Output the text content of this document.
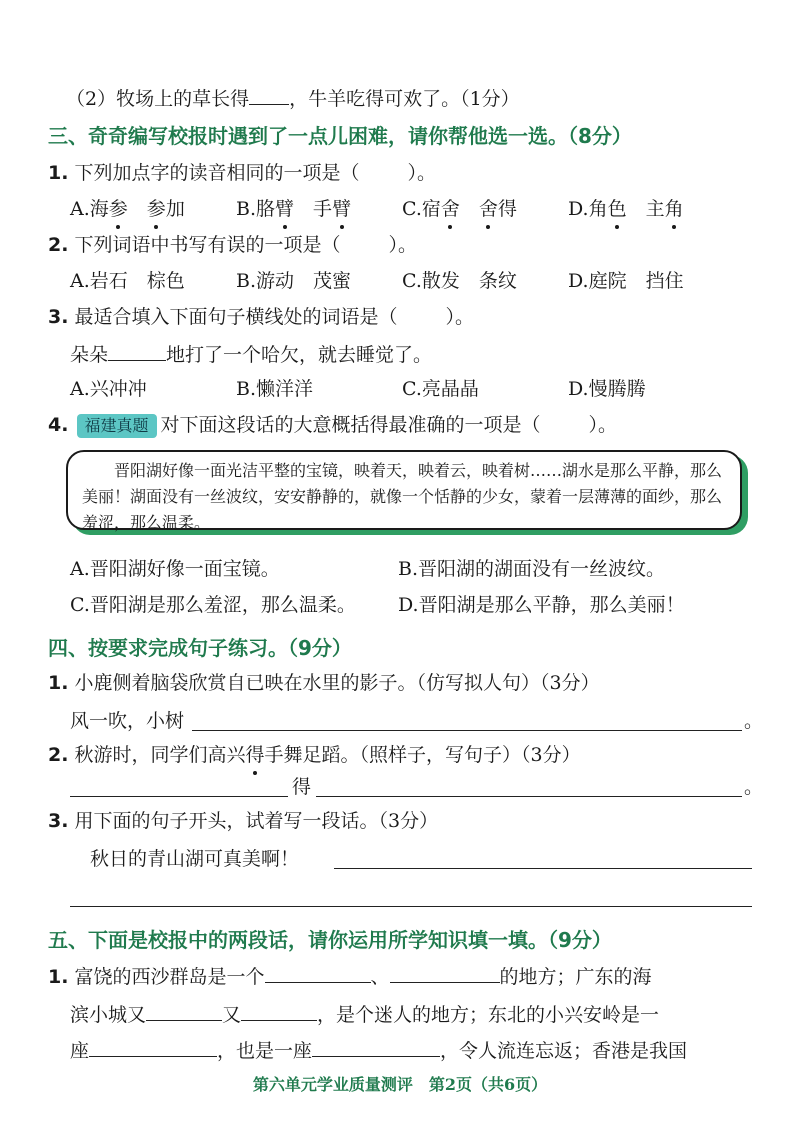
（2）牧场上的草长得 ，牛羊吃得可欢了。（1分）
三、奇奇编写校报时遇到了一点儿困难，请你帮他选一选。（8分）
1. 下列加点字的读音相同的一项是（	）。
A.海参　 参加	B.胳臂　 手臂	C.宿舍　 舍得	D.角色　 主角
2. 下列词语中书写有误的一项是（	）。
A.岩石　棕色	B.游动　茂蜜	C.散发　条纹	D.庭院　挡住
3. 最适合填入下面句子横线处的词语是（	）。
朵朵	地打了一个哈欠，就去睡觉了。
A.兴冲冲	B.懒洋洋	C.亮晶晶	D.慢腾腾
4. 福建真题 对下面这段话的大意概括得最准确的一项是（	）。
　　晋阳湖好像一面光洁平整的宝镜，映着天，映着云，映着树……湖水是那么平静，那么美丽！湖面没有一丝波纹，安安静静的，就像一个恬静的少女，蒙着一层薄薄的面纱，那么羞涩，那么温柔。
A.晋阳湖好像一面宝镜。	B.晋阳湖的湖面没有一丝波纹。
C.晋阳湖是那么羞涩，那么温柔。 D.晋阳湖是那么平静，那么美丽！
四、按要求完成句子练习。（9分）
1. 小鹿侧着脑袋欣赏自已映在水里的影子。（仿写拟人句）（3分）
风一吹，小树	。
2. 秋游时，同学们高兴得手舞足蹈。（照样子，写句子）（3分）
得	。
3. 用下面的句子开头，试着写一段话。（3分）
秋日的青山湖可真美啊！
五、下面是校报中的两段话，请你运用所学知识填一填。（9分）
1. 富饶的西沙群岛是一个	、	的地方；广东的海
滨小城又	又	，是个迷人的地方；东北的小兴安岭是一
座	，也是一座	，令人流连忘返；香港是我国
第六单元学业质量测评　第2页（共6页）
